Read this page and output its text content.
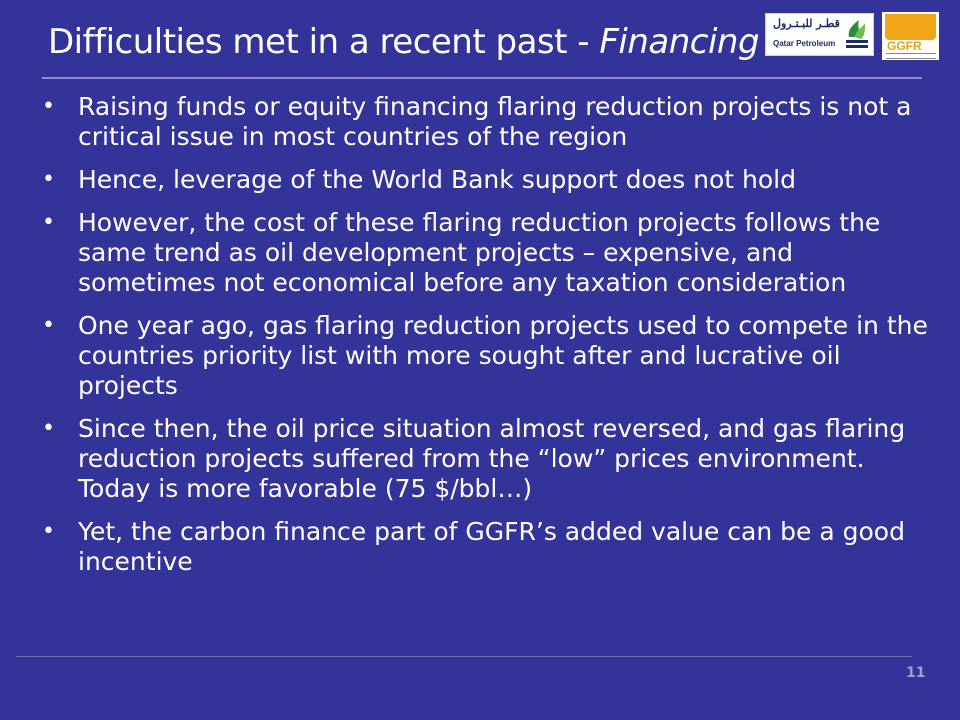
Difficulties met in a recent past - Financing قطـر للبـتـرول
Qatar Petroleum	GGFR
• Raising funds or equity financing flaring reduction projects is not a critical issue in most countries of the region
• Hence, leverage of the World Bank support does not hold
• However, the cost of these flaring reduction projects follows the same trend as oil development projects – expensive, and sometimes not economical before any taxation consideration
• One year ago, gas flaring reduction projects used to compete in the countries priority list with more sought after and lucrative oil projects
• Since then, the oil price situation almost reversed, and gas flaring reduction projects suffered from the “low” prices environment. Today is more favorable (75 $/bbl…)
• Yet, the carbon finance part of GGFR’s added value can be a good incentive
11
